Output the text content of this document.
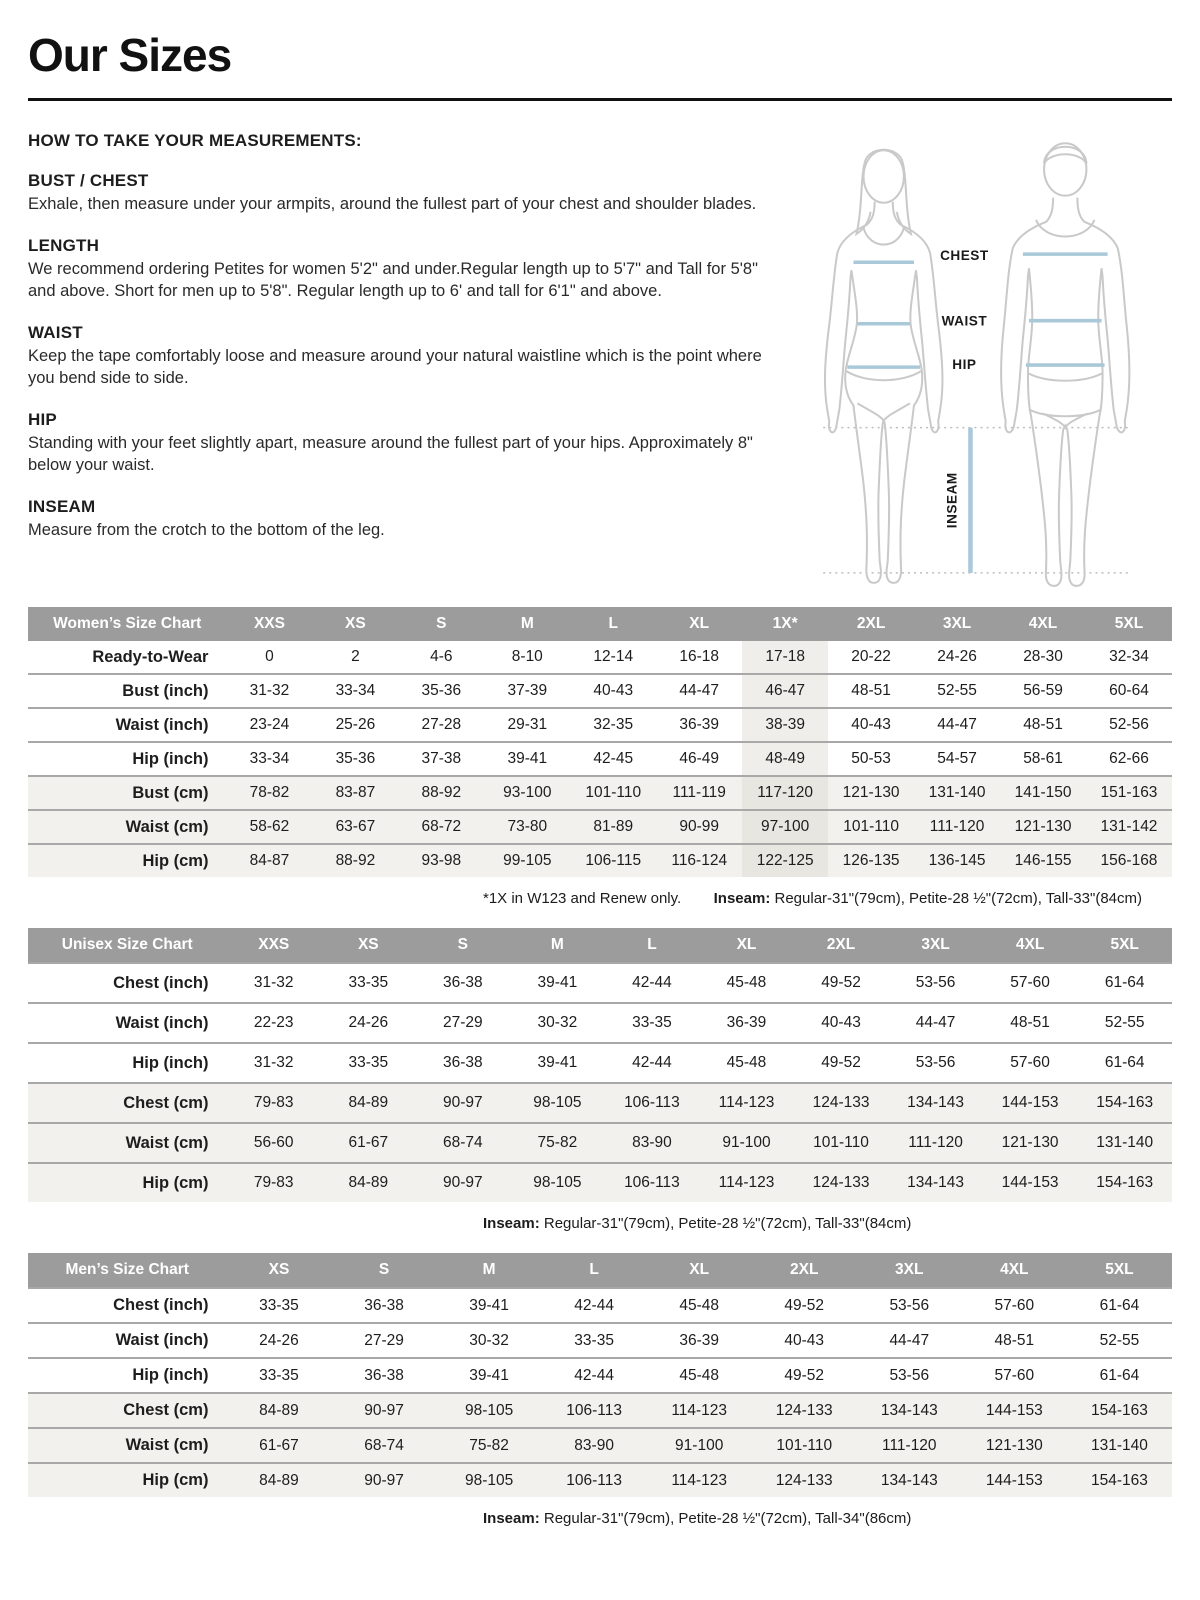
Our Sizes

HOW TO TAKE YOUR MEASUREMENTS:

BUST / CHEST

Exhale, then measure under your armpits, around the fullest part of your chest and shoulder blades.

LENGTH

We recommend ordering Petites for women 5'2" and under.Regular length up to 5'7" and Tall for 5'8" and above. Short for men up to 5'8". Regular length up to 6' and tall for 6'1" and above.

WAIST

Keep the tape comfortably loose and measure around your natural waistline which is the point where you bend side to side.

HIP

Standing with your feet slightly apart, measure around the fullest part of your hips. Approximately 8" below your waist.

INSEAM

Measure from the crotch to the bottom of the leg.

CHEST
WAIST
HIP
INSEAM
Women’s Size Chart	XXS	XS	S	M	L	XL	1X*	2XL	3XL	4XL	5XL
Ready-to-Wear	0	2	4-6	8-10	12-14	16-18	17-18	20-22	24-26	28-30	32-34
Bust (inch)	31-32	33-34	35-36	37-39	40-43	44-47	46-47	48-51	52-55	56-59	60-64
Waist (inch)	23-24	25-26	27-28	29-31	32-35	36-39	38-39	40-43	44-47	48-51	52-56
Hip (inch)	33-34	35-36	37-38	39-41	42-45	46-49	48-49	50-53	54-57	58-61	62-66
Bust (cm)	78-82	83-87	88-92	93-100	101-110	111-119	117-120	121-130	131-140	141-150	151-163
Waist (cm)	58-62	63-67	68-72	73-80	81-89	90-99	97-100	101-110	111-120	121-130	131-142
Hip (cm)	84-87	88-92	93-98	99-105	106-115	116-124	122-125	126-135	136-145	146-155	156-168
*1X in W123 and Renew only. Inseam: Regular-31"(79cm), Petite-28 ½"(72cm), Tall-33"(84cm)
Unisex Size Chart	XXS	XS	S	M	L	XL	2XL	3XL	4XL	5XL
Chest (inch)	31-32	33-35	36-38	39-41	42-44	45-48	49-52	53-56	57-60	61-64
Waist (inch)	22-23	24-26	27-29	30-32	33-35	36-39	40-43	44-47	48-51	52-55
Hip (inch)	31-32	33-35	36-38	39-41	42-44	45-48	49-52	53-56	57-60	61-64
Chest (cm)	79-83	84-89	90-97	98-105	106-113	114-123	124-133	134-143	144-153	154-163
Waist (cm)	56-60	61-67	68-74	75-82	83-90	91-100	101-110	111-120	121-130	131-140
Hip (cm)	79-83	84-89	90-97	98-105	106-113	114-123	124-133	134-143	144-153	154-163
Inseam: Regular-31"(79cm), Petite-28 ½"(72cm), Tall-33"(84cm)
Men’s Size Chart	XS	S	M	L	XL	2XL	3XL	4XL	5XL
Chest (inch)	33-35	36-38	39-41	42-44	45-48	49-52	53-56	57-60	61-64
Waist (inch)	24-26	27-29	30-32	33-35	36-39	40-43	44-47	48-51	52-55
Hip (inch)	33-35	36-38	39-41	42-44	45-48	49-52	53-56	57-60	61-64
Chest (cm)	84-89	90-97	98-105	106-113	114-123	124-133	134-143	144-153	154-163
Waist (cm)	61-67	68-74	75-82	83-90	91-100	101-110	111-120	121-130	131-140
Hip (cm)	84-89	90-97	98-105	106-113	114-123	124-133	134-143	144-153	154-163
Inseam: Regular-31"(79cm), Petite-28 ½"(72cm), Tall-34"(86cm)
